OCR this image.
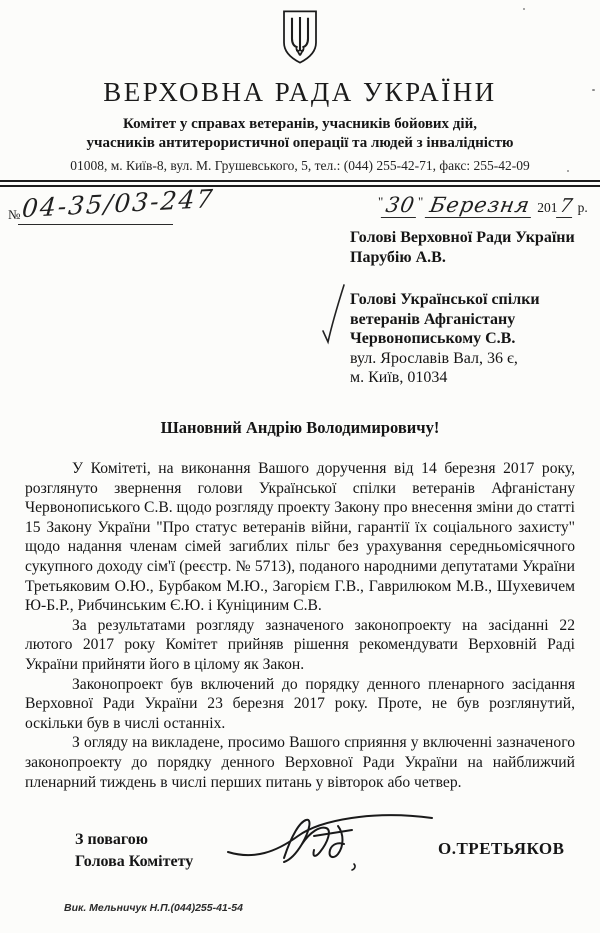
ВЕРХОВНА РАДА УКРАЇНИ
Комітет у справах ветеранів, учасників бойових дій,
учасників антитерористичної операції та людей з інвалідністю
01008, м. Київ-8, вул. М. Грушевського, 5, тел.: (044) 255-42-71, факс: 255-42-09
№ 04-35/03-247	"30" Березня 2017 р.
Голові Верховної Ради України
Парубію А.В.
Голові Української спілки
ветеранів Афганістану
Червонопиському С.В.
вул. Ярославів Вал, 36 є,
м. Київ, 01034
Шановний Андрію Володимировичу!

У Комітеті, на виконання Вашого доручення від 14 березня 2017 року, розглянуто звернення голови Української спілки ветеранів Афганістану Червонописького С.В. щодо розгляду проекту Закону про внесення зміни до статті 15 Закону України "Про статус ветеранів війни, гарантії їх соціального захисту" щодо надання членам сімей загиблих пільг без урахування середньомісячного сукупного доходу сім'ї (реєстр. № 5713), поданого народними депутатами України Третьяковим О.Ю., Бурбаком М.Ю., Загорієм Г.В., Гаврилюком М.В., Шухевичем Ю-Б.Р., Рибчинським Є.Ю. і Куніциним С.В.

За результатами розгляду зазначеного законопроекту на засіданні 22 лютого 2017 року Комітет прийняв рішення рекомендувати Верховній Раді України прийняти його в цілому як Закон.

Законопроект був включений до порядку денного пленарного засідання Верховної Ради України 23 березня 2017 року. Проте, не був розглянутий, оскільки був в числі останніх.

З огляду на викладене, просимо Вашого сприяння у включенні зазначеного законопроекту до порядку денного Верховної Ради України на найближчий пленарний тиждень в числі перших питань у вівторок або четвер.

З повагою
Голова Комітету
О.ТРЕТЬЯКОВ
Вик. Мельничук Н.П.(044)255-41-54
